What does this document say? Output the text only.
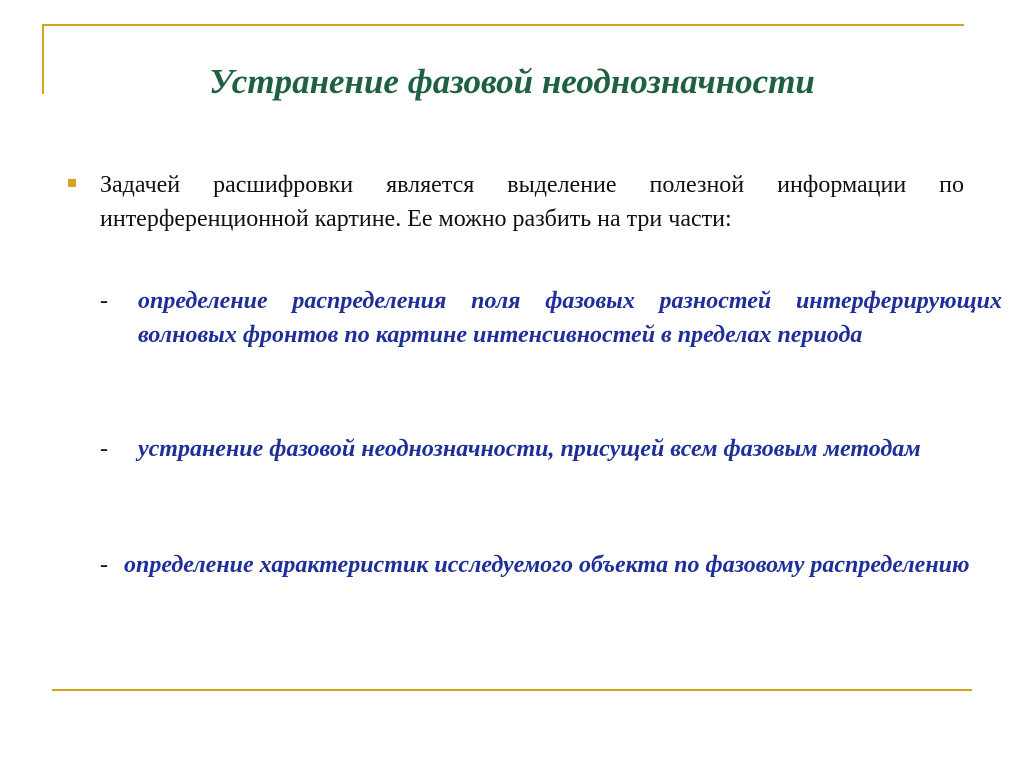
Устранение фазовой неоднозначности

Задачей расшифровки является выделение полезной информации по интерференционной картине. Ее можно разбить на три части:

- определение распределения поля фазовых разностей интерферирующих волновых фронтов по картине интенсивностей в пределах периода
- устранение фазовой неоднозначности, присущей всем фазовым методам
- определение характеристик исследуемого объекта по фазовому распределению
